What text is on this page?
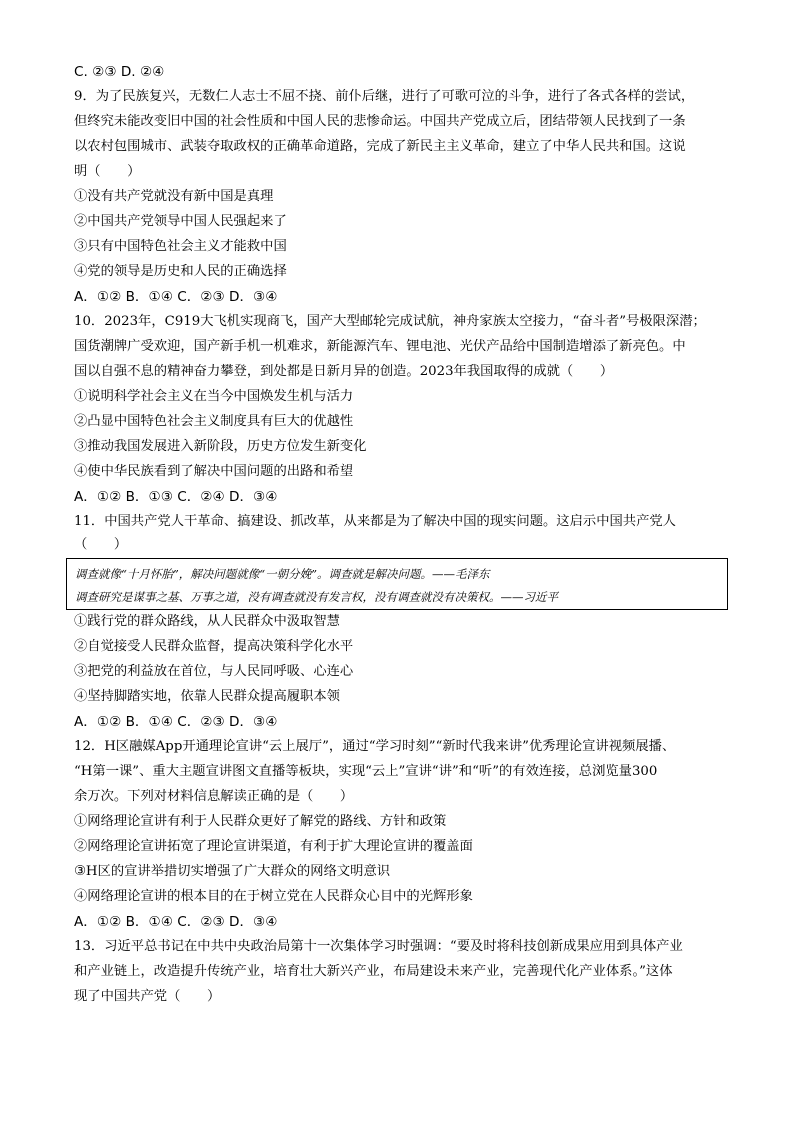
C. ②③ D. ②④
9．为了民族复兴，无数仁人志士不屈不挠、前仆后继，进行了可歌可泣的斗争，进行了各式各样的尝试，
但终究未能改变旧中国的社会性质和中国人民的悲惨命运。中国共产党成立后，团结带领人民找到了一条
以农村包围城市、武装夺取政权的正确革命道路，完成了新民主主义革命，建立了中华人民共和国。这说
明（　　）
①没有共产党就没有新中国是真理
②中国共产党领导中国人民强起来了
③只有中国特色社会主义才能救中国
④党的领导是历史和人民的正确选择
A．①② B．①④ C．②③ D．③④
10．2023年，C919大飞机实现商飞，国产大型邮轮完成试航，神舟家族太空接力，“奋斗者”号极限深潜；
国货潮牌广受欢迎，国产新手机一机难求，新能源汽车、锂电池、光伏产品给中国制造增添了新亮色。中
国以自强不息的精神奋力攀登，到处都是日新月异的创造。2023年我国取得的成就（　　）
①说明科学社会主义在当今中国焕发生机与活力
②凸显中国特色社会主义制度具有巨大的优越性
③推动我国发展进入新阶段，历史方位发生新变化
④使中华民族看到了解决中国问题的出路和希望
A．①② B．①③ C．②④ D．③④
11．中国共产党人干革命、搞建设、抓改革，从来都是为了解决中国的现实问题。这启示中国共产党人
（　　）
调查就像“十月怀胎”，解决问题就像“一朝分娩”。调查就是解决问题。——毛泽东
调查研究是谋事之基、万事之道，没有调查就没有发言权，没有调查就没有决策权。——习近平
①践行党的群众路线，从人民群众中汲取智慧
②自觉接受人民群众监督，提高决策科学化水平
③把党的利益放在首位，与人民同呼吸、心连心
④坚持脚踏实地，依靠人民群众提高履职本领
A．①② B．①④ C．②③ D．③④
12．H区融媒App开通理论宣讲“云上展厅”，通过“学习时刻”“新时代我来讲”优秀理论宣讲视频展播、
“H第一课”、重大主题宣讲图文直播等板块，实现“云上”宣讲“讲”和“听”的有效连接，总浏览量300
余万次。下列对材料信息解读正确的是（　　）
①网络理论宣讲有利于人民群众更好了解党的路线、方针和政策
②网络理论宣讲拓宽了理论宣讲渠道，有利于扩大理论宣讲的覆盖面
③H区的宣讲举措切实增强了广大群众的网络文明意识
④网络理论宣讲的根本目的在于树立党在人民群众心目中的光辉形象
A．①② B．①④ C．②③ D．③④
13．习近平总书记在中共中央政治局第十一次集体学习时强调：“要及时将科技创新成果应用到具体产业
和产业链上，改造提升传统产业，培育壮大新兴产业，布局建设未来产业，完善现代化产业体系。”这体
现了中国共产党（　　）
